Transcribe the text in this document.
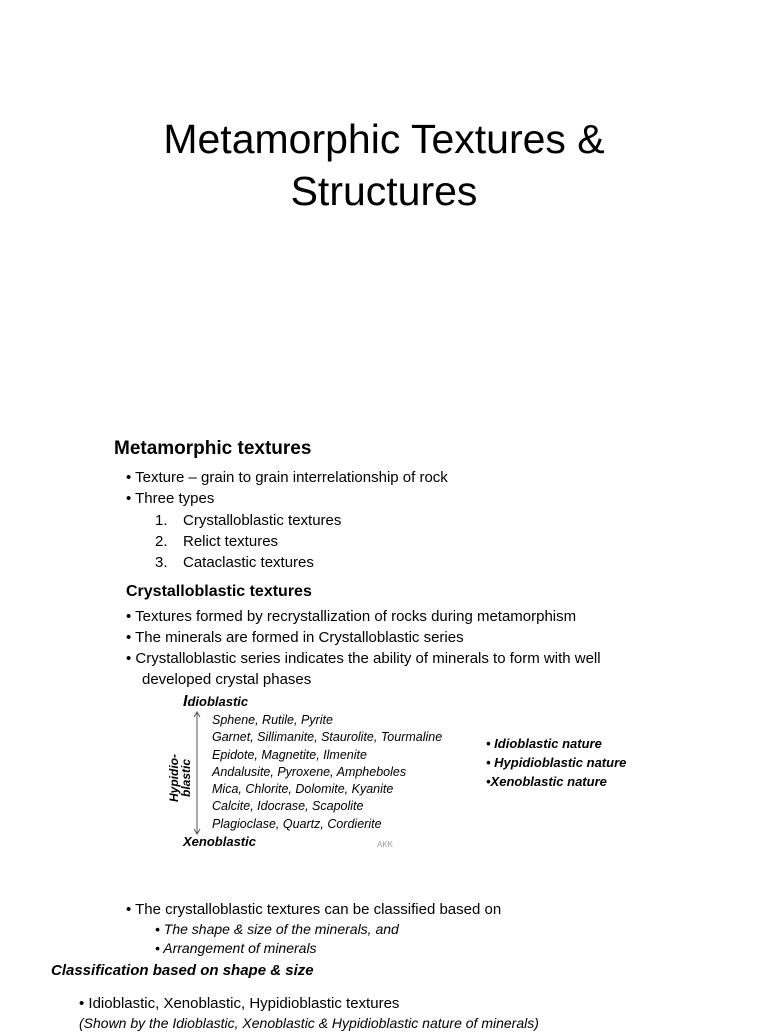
Metamorphic Textures &
Structures
Metamorphic textures
• Texture – grain to grain interrelationship of rock
• Three types
1. Crystalloblastic textures
2. Relict textures
3. Cataclastic textures
Crystalloblastic textures
• Textures formed by recrystallization of rocks during metamorphism
• The minerals are formed in Crystalloblastic series
• Crystalloblastic series indicates the ability of minerals to form with well
developed crystal phases
Idioblastic
Hypidio-
blastic
Sphene, Rutile, Pyrite
Garnet, Sillimanite, Staurolite, Tourmaline
Epidote, Magnetite, Ilmenite
Andalusite, Pyroxene, Ampheboles
Mica, Chlorite, Dolomite, Kyanite
Calcite, Idocrase, Scapolite
Plagioclase, Quartz, Cordierite
Xenoblastic	AKK
• Idioblastic nature
• Hypidioblastic nature
•Xenoblastic nature
• The crystalloblastic textures can be classified based on
• The shape & size of the minerals, and
• Arrangement of minerals
Classification based on shape & size
• Idioblastic, Xenoblastic, Hypidioblastic textures
(Shown by the Idioblastic, Xenoblastic & Hypidioblastic nature of minerals)
